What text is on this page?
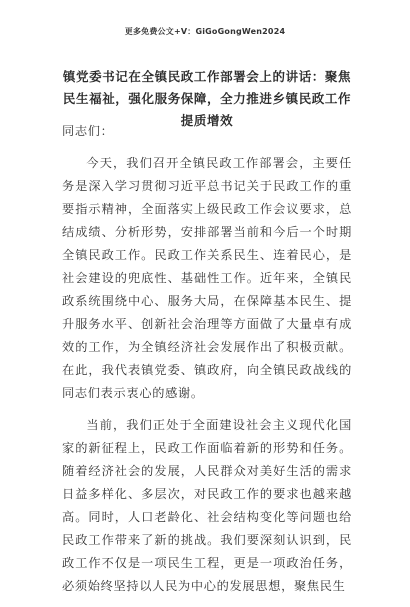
更多免费公文+V：GiGoGongWen2024
镇党委书记在全镇民政工作部署会上的讲话：聚焦民生福祉，强化服务保障，全力推进乡镇民政工作提质增效

同志们：

今天，我们召开全镇民政工作部署会，主要任务是深入学习贯彻习近平总书记关于民政工作的重要指示精神，全面落实上级民政工作会议要求，总结成绩、分析形势，安排部署当前和今后一个时期全镇民政工作。民政工作关系民生、连着民心，是社会建设的兜底性、基础性工作。近年来，全镇民政系统围绕中心、服务大局，在保障基本民生、提升服务水平、创新社会治理等方面做了大量卓有成效的工作，为全镇经济社会发展作出了积极贡献。在此，我代表镇党委、镇政府，向全镇民政战线的同志们表示衷心的感谢。

当前，我们正处于全面建设社会主义现代化国家的新征程上，民政工作面临着新的形势和任务。随着经济社会的发展，人民群众对美好生活的需求日益多样化、多层次，对民政工作的要求也越来越高。同时，人口老龄化、社会结构变化等问题也给民政工作带来了新的挑战。我们要深刻认识到，民政工作不仅是一项民生工程，更是一项政治任务，必须始终坚持以人民为中心的发展思想，聚焦民生
